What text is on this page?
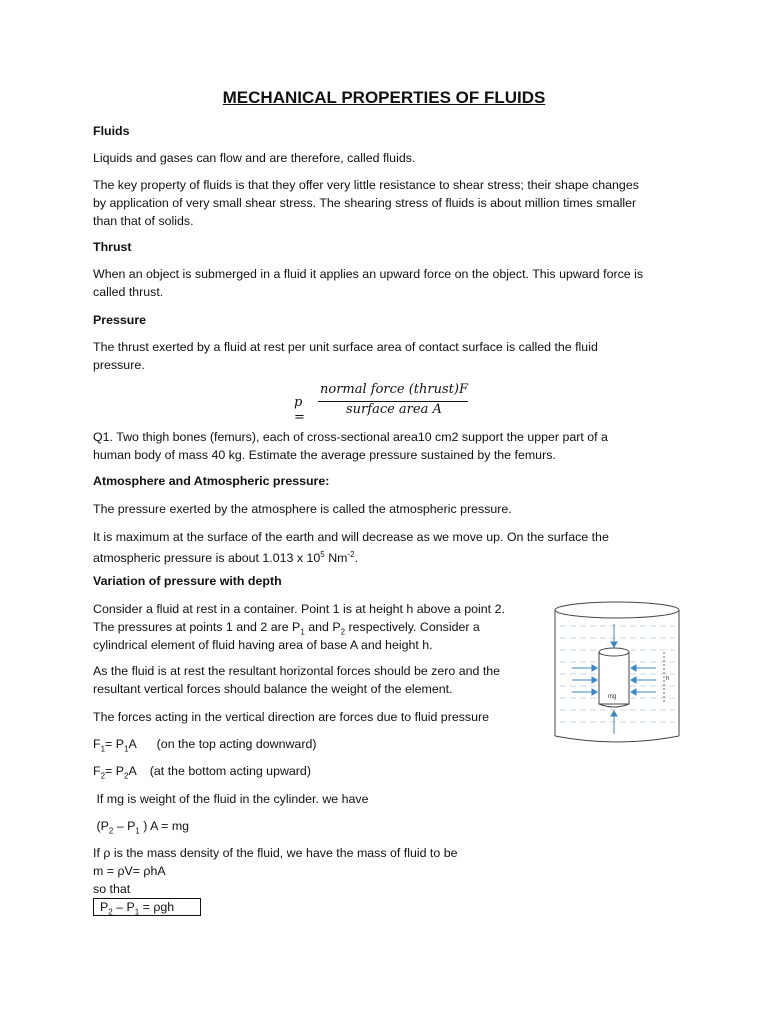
MECHANICAL PROPERTIES OF FLUIDS
Fluids
Liquids and gases can flow and are therefore, called fluids.
The key property of fluids is that they offer very little resistance to shear stress; their shape changes
by application of very small shear stress. The shearing stress of fluids is about million times smaller
than that of solids.
Thrust
When an object is submerged in a fluid it applies an upward force on the object. This upward force is
called thrust.
Pressure
The thrust exerted by a fluid at rest per unit surface area of contact surface is called the fluid
pressure.
p =
normal force (thrust)F
surface area A
Q1. Two thigh bones (femurs), each of cross-sectional area10 cm2 support the upper part of a
human body of mass 40 kg. Estimate the average pressure sustained by the femurs.
Atmosphere and Atmospheric pressure:
The pressure exerted by the atmosphere is called the atmospheric pressure.
It is maximum at the surface of the earth and will decrease as we move up. On the surface the
atmospheric pressure is about 1.013 x $10^5$ $Nm^{-2}$.
Variation of pressure with depth
Consider a fluid at rest in a container. Point 1 is at height h above a point 2.
The pressures at points 1 and 2 are $P_1$ and $P_2$ respectively. Consider a
cylindrical element of fluid having area of base A and height h.
As the fluid is at rest the resultant horizontal forces should be zero and the
resultant vertical forces should balance the weight of the element.
The forces acting in the vertical direction are forces due to fluid pressure
$F_1= P_1A$      (on the top acting downward)
$F_2= P_2A$    (at the bottom acting upward)
If mg is weight of the fluid in the cylinder. we have
($P_2 - P_1$ ) A = mg
If ρ is the mass density of the fluid, we have the mass of fluid to be
m = ρV= ρhA
so that
$P_2 - P_1 = \rho gh$
h
mg
